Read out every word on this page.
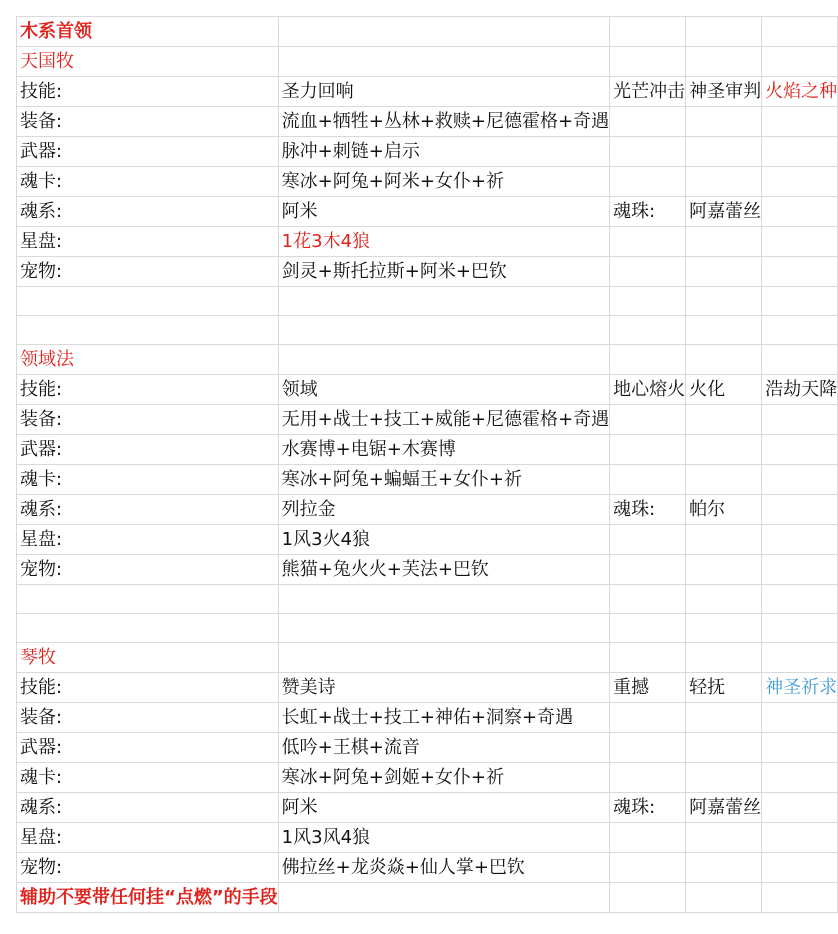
木系首领				
天国牧				
技能:	圣力回响	光芒冲击	神圣审判	火焰之种
装备:	流血+牺牲+丛林+救赎+尼德霍格+奇遇			
武器:	脉冲+刺链+启示			
魂卡:	寒冰+阿兔+阿米+女仆+祈			
魂系:	阿米	魂珠:	阿嘉蕾丝	
星盘:	1花3木4狼			
宠物:	剑灵+斯托拉斯+阿米+巴钦			

领域法				
技能:	领域	地心熔火	火化	浩劫天降
装备:	无用+战士+技工+威能+尼德霍格+奇遇			
武器:	水赛博+电锯+木赛博			
魂卡:	寒冰+阿兔+蝙蝠王+女仆+祈			
魂系:	列拉金	魂珠:	帕尔	
星盘:	1风3火4狼			
宠物:	熊猫+兔火火+芙法+巴钦			

琴牧				
技能:	赞美诗	重撼	轻抚	神圣祈求
装备:	长虹+战士+技工+神佑+洞察+奇遇			
武器:	低吟+王棋+流音			
魂卡:	寒冰+阿兔+剑姬+女仆+祈			
魂系:	阿米	魂珠:	阿嘉蕾丝	
星盘:	1风3风4狼			
宠物:	佛拉丝+龙炎焱+仙人掌+巴钦			
辅助不要带任何挂“点燃”的手段				
